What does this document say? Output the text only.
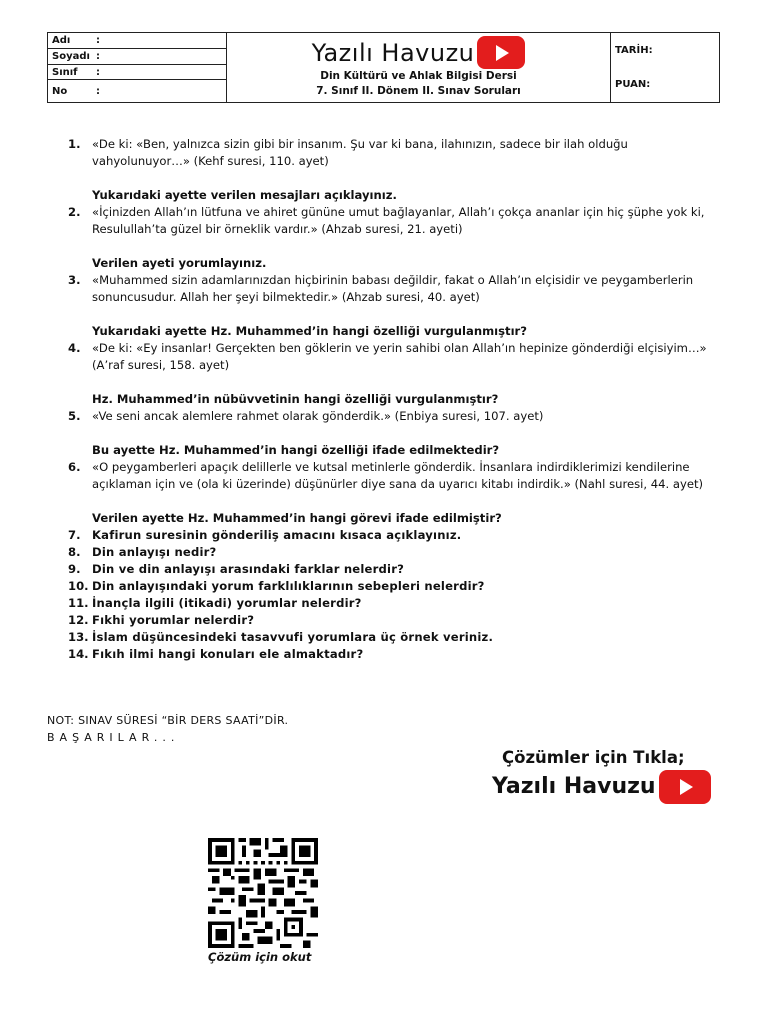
Adı	:
Soyadı :
Sınıf	:
No	:
Yazılı Havuzu
Din Kültürü ve Ahlak Bilgisi Dersi
7. Sınıf II. Dönem II. Sınav Soruları
TARİH:
PUAN:
1. «De ki: «Ben, yalnızca sizin gibi bir insanım. Şu var ki bana, ilahınızın, sadece bir ilah olduğu vahyolunuyor…» (Kehf suresi, 110. ayet)
Yukarıdaki ayette verilen mesajları açıklayınız.
2. «İçinizden Allah’ın lütfuna ve ahiret gününe umut bağlayanlar, Allah’ı çokça ananlar için hiç şüphe yok ki, Resulullah’ta güzel bir örneklik vardır.» (Ahzab suresi, 21. ayeti)
Verilen ayeti yorumlayınız.
3. «Muhammed sizin adamlarınızdan hiçbirinin babası değildir, fakat o Allah’ın elçisidir ve peygamberlerin sonuncusudur. Allah her şeyi bilmektedir.» (Ahzab suresi, 40. ayet)
Yukarıdaki ayette Hz. Muhammed’in hangi özelliği vurgulanmıştır?
4. «De ki: «Ey insanlar! Gerçekten ben göklerin ve yerin sahibi olan Allah’ın hepinize gönderdiği elçisiyim…» (A’raf suresi, 158. ayet)
Hz. Muhammed’in nübüvvetinin hangi özelliği vurgulanmıştır?
5. «Ve seni ancak alemlere rahmet olarak gönderdik.» (Enbiya suresi, 107. ayet)
Bu ayette Hz. Muhammed’in hangi özelliği ifade edilmektedir?
6. «O peygamberleri apaçık delillerle ve kutsal metinlerle gönderdik. İnsanlara indirdiklerimizi kendilerine açıklaman için ve (ola ki üzerinde) düşünürler diye sana da uyarıcı kitabı indirdik.» (Nahl suresi, 44. ayet)
Verilen ayette Hz. Muhammed’in hangi görevi ifade edilmiştir?
7. Kafirun suresinin gönderiliş amacını kısaca açıklayınız.
8. Din anlayışı nedir?
9. Din ve din anlayışı arasındaki farklar nelerdir?
10. Din anlayışındaki yorum farklılıklarının sebepleri nelerdir?
11. İnançla ilgili (itikadi) yorumlar nelerdir?
12. Fıkhi yorumlar nelerdir?
13. İslam düşüncesindeki tasavvufi yorumlara üç örnek veriniz.
14. Fıkıh ilmi hangi konuları ele almaktadır?
NOT: SINAV SÜRESİ “BİR DERS SAATİ”DİR.
BAŞARILAR...
Çözümler için Tıkla;
Yazılı Havuzu
Çözüm için okut
